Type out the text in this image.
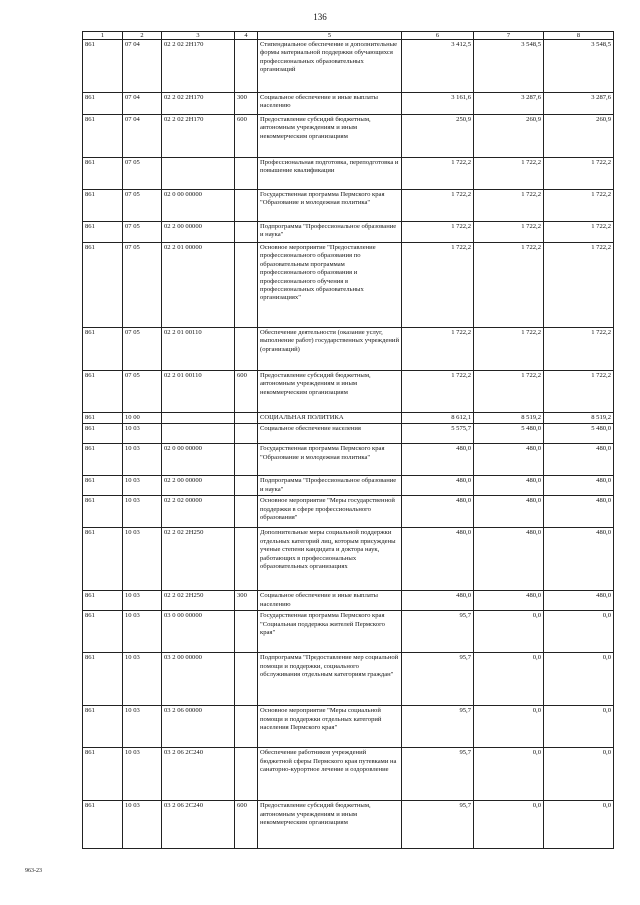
136
1	2	3	4	5	6	7	8
861	07 04	02 2 02 2Н170		Стипендиальное обеспечение и дополнительные формы материальной поддержки обучающихся профессиональных образовательных организаций	3 412,5	3 548,5	3 548,5
861	07 04	02 2 02 2Н170	300	Социальное обеспечение и иные выплаты населению	3 161,6	3 287,6	3 287,6
861	07 04	02 2 02 2Н170	600	Предоставление субсидий бюджетным, автономным учреждениям и иным некоммерческим организациям	250,9	260,9	260,9
861	07 05			Профессиональная подготовка, переподготовка и повышение квалификации	1 722,2	1 722,2	1 722,2
861	07 05	02 0 00 00000		Государственная программа Пермского края "Образование и молодежная политика"	1 722,2	1 722,2	1 722,2
861	07 05	02 2 00 00000		Подпрограмма "Профессиональное образование и наука"	1 722,2	1 722,2	1 722,2
861	07 05	02 2 01 00000		Основное мероприятие "Предоставление профессионального образования по образовательным программам профессионального образования и профессионального обучения в профессиональных образовательных организациях"	1 722,2	1 722,2	1 722,2
861	07 05	02 2 01 00110		Обеспечение деятельности (оказание услуг, выполнение работ) государственных учреждений (организаций)	1 722,2	1 722,2	1 722,2
861	07 05	02 2 01 00110	600	Предоставление субсидий бюджетным, автономным учреждениям и иным некоммерческим организациям	1 722,2	1 722,2	1 722,2
861	10 00			СОЦИАЛЬНАЯ ПОЛИТИКА	8 612,1	8 519,2	8 519,2
861	10 03			Социальное обеспечение населения	5 575,7	5 480,0	5 480,0
861	10 03	02 0 00 00000		Государственная программа Пермского края "Образование и молодежная политика"	480,0	480,0	480,0
861	10 03	02 2 00 00000		Подпрограмма "Профессиональное образование и наука"	480,0	480,0	480,0
861	10 03	02 2 02 00000		Основное мероприятие "Меры государственной поддержки в сфере профессионального образования"	480,0	480,0	480,0
861	10 03	02 2 02 2Н250		Дополнительные меры социальной поддержки отдельных категорий лиц, которым присуждены ученые степени кандидата и доктора наук, работающих в профессиональных образовательных организациях	480,0	480,0	480,0
861	10 03	02 2 02 2Н250	300	Социальное обеспечение и иные выплаты населению	480,0	480,0	480,0
861	10 03	03 0 00 00000		Государственная программа Пермского края "Социальная поддержка жителей Пермского края"	95,7	0,0	0,0
861	10 03	03 2 00 00000		Подпрограмма "Предоставление мер социальной помощи и поддержки, социального обслуживания отдельным категориям граждан"	95,7	0,0	0,0
861	10 03	03 2 06 00000		Основное мероприятие "Меры социальной помощи и поддержки отдельных категорий населения Пермского края"	95,7	0,0	0,0
861	10 03	03 2 06 2С240		Обеспечение работников учреждений бюджетной сферы Пермского края путевками на санаторно-курортное лечение и оздоровление	95,7	0,0	0,0
861	10 03	03 2 06 2С240	600	Предоставление субсидий бюджетным, автономным учреждениям и иным некоммерческим организациям	95,7	0,0	0,0
963-23
